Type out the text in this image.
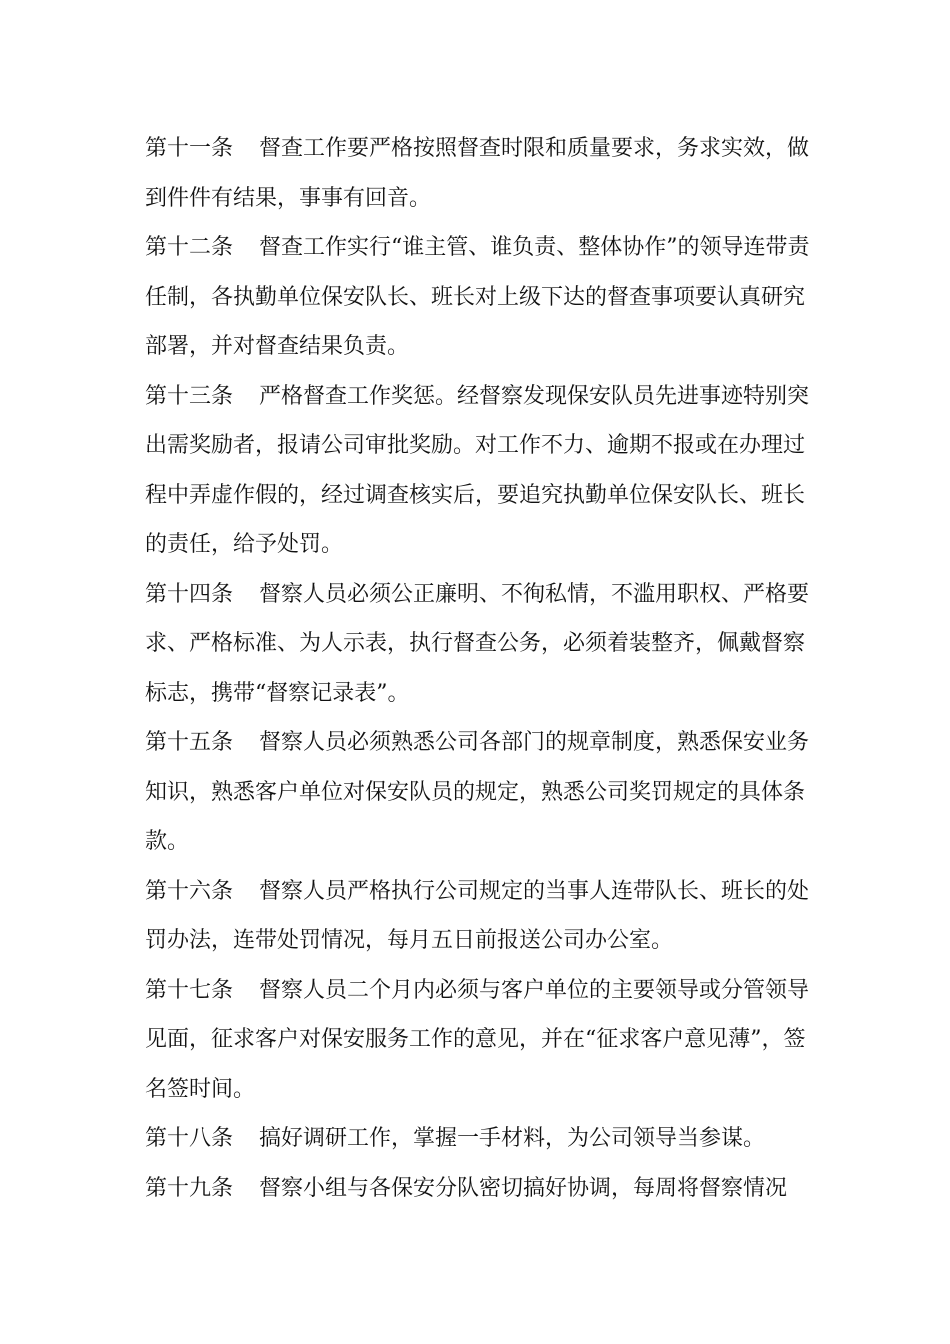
第十一条 督查工作要严格按照督查时限和质量要求，务求实效，做到件件有结果，事事有回音。

第十二条 督查工作实行“谁主管、谁负责、整体协作”的领导连带责任制，各执勤单位保安队长、班长对上级下达的督查事项要认真研究部署，并对督查结果负责。

第十三条 严格督查工作奖惩。经督察发现保安队员先进事迹特别突出需奖励者，报请公司审批奖励。对工作不力、逾期不报或在办理过程中弄虚作假的，经过调查核实后，要追究执勤单位保安队长、班长的责任，给予处罚。

第十四条 督察人员必须公正廉明、不徇私情，不滥用职权、严格要求、严格标准、为人示表，执行督查公务，必须着装整齐，佩戴督察标志，携带“督察记录表”。

第十五条 督察人员必须熟悉公司各部门的规章制度，熟悉保安业务知识，熟悉客户单位对保安队员的规定，熟悉公司奖罚规定的具体条款。

第十六条 督察人员严格执行公司规定的当事人连带队长、班长的处罚办法，连带处罚情况，每月五日前报送公司办公室。

第十七条 督察人员二个月内必须与客户单位的主要领导或分管领导见面，征求客户对保安服务工作的意见，并在“征求客户意见薄”，签名签时间。

第十八条 搞好调研工作，掌握一手材料，为公司领导当参谋。

第十九条 督察小组与各保安分队密切搞好协调，每周将督察情况
